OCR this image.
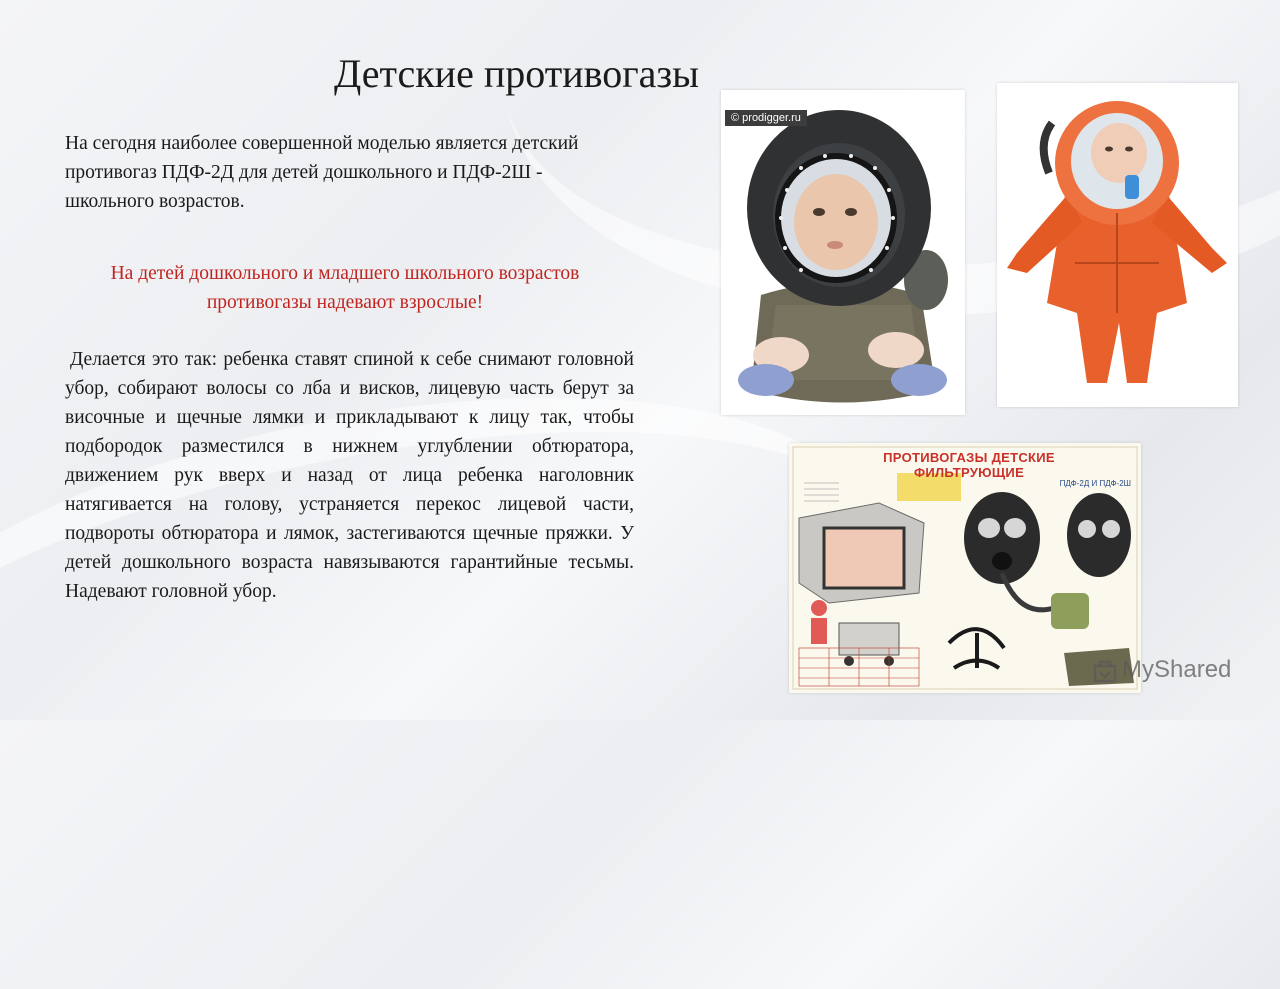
Детские противогазы

На сегодня наиболее совершенной моделью является детский противогаз ПДФ-2Д для детей дошкольного и ПДФ-2Ш - школьного возрастов.

На детей дошкольного и младшего школьного возрастов противогазы надевают взрослые!

Делается это так: ребенка ставят спиной к себе снимают головной убор, собирают волосы со лба и висков, лицевую часть берут за височные и щечные лямки и прикладывают к лицу так, чтобы подбородок разместился в нижнем углублении обтюратора, движением рук вверх и назад от лица ребенка наголовник натягивается на голову, устраняется перекос лицевой части, подвороты обтюратора и лямок, застегиваются щечные пряжки. У детей дошкольного возраста навязываются гарантийные тесьмы. Надевают головной убор.

© prodigger.ru
ПРОТИВОГАЗЫ ДЕТСКИЕ ФИЛЬТРУЮЩИЕ
ПДФ-2Д И ПДФ-2Ш
MyShared
